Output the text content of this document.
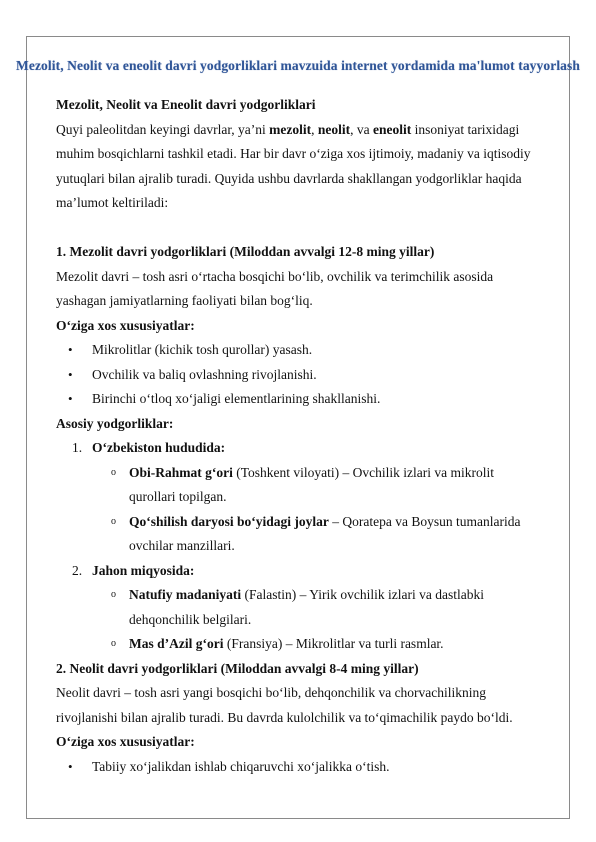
Mezolit, Neolit va eneolit davri yodgorliklari mavzuida internet yordamida ma'lumot tayyorlash

Mezolit, Neolit va Eneolit davri yodgorliklari

Quyi paleolitdan keyingi davrlar, ya’ni mezolit, neolit, va eneolit insoniyat tarixidagi muhim bosqichlarni tashkil etadi. Har bir davr o‘ziga xos ijtimoiy, madaniy va iqtisodiy yutuqlari bilan ajralib turadi. Quyida ushbu davrlarda shakllangan yodgorliklar haqida ma’lumot keltiriladi:

1. Mezolit davri yodgorliklari (Miloddan avvalgi 12-8 ming yillar)

Mezolit davri – tosh asri o‘rtacha bosqichi bo‘lib, ovchilik va terimchilik asosida yashagan jamiyatlarning faoliyati bilan bog‘liq.

O‘ziga xos xususiyatlar:

• Mikrolitlar (kichik tosh qurollar) yasash.
• Ovchilik va baliq ovlashning rivojlanishi.
• Birinchi o‘tloq xo‘jaligi elementlarining shakllanishi.

Asosiy yodgorliklar:

1. O‘zbekiston hududida:
o Obi-Rahmat g‘ori (Toshkent viloyati) – Ovchilik izlari va mikrolit qurollari topilgan.
o Qo‘shilish daryosi bo‘yidagi joylar – Qoratepa va Boysun tumanlarida ovchilar manzillari.
2. Jahon miqyosida:
o Natufiy madaniyati (Falastin) – Yirik ovchilik izlari va dastlabki dehqonchilik belgilari.
o Mas d’Azil g‘ori (Fransiya) – Mikrolitlar va turli rasmlar.

2. Neolit davri yodgorliklari (Miloddan avvalgi 8-4 ming yillar)

Neolit davri – tosh asri yangi bosqichi bo‘lib, dehqonchilik va chorvachilikning rivojlanishi bilan ajralib turadi. Bu davrda kulolchilik va to‘qimachilik paydo bo‘ldi.

O‘ziga xos xususiyatlar:

• Tabiiy xo‘jalikdan ishlab chiqaruvchi xo‘jalikka o‘tish.
